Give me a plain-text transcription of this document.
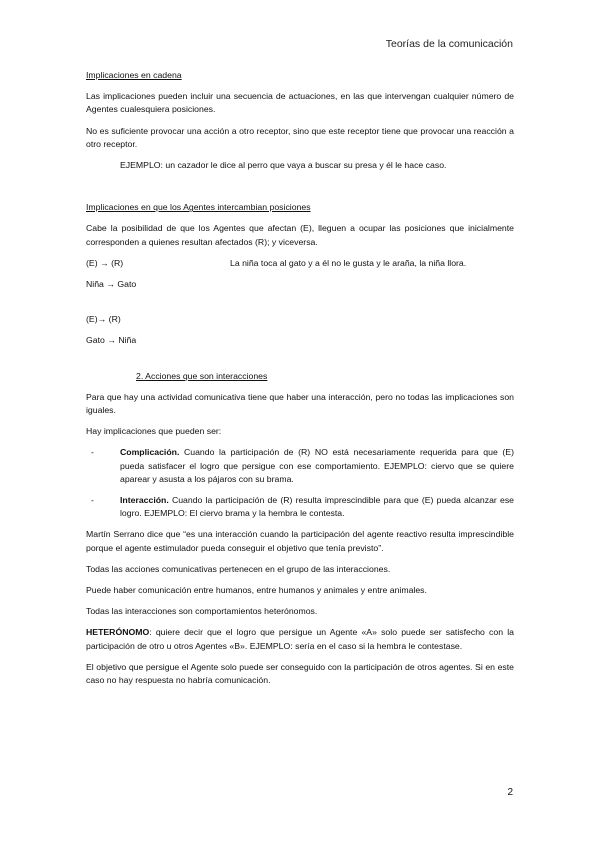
Teorías de la comunicación

Implicaciones en cadena

Las implicaciones pueden incluir una secuencia de actuaciones, en las que intervengan cualquier número de Agentes cualesquiera posiciones.

No es suficiente provocar una acción a otro receptor, sino que este receptor tiene que provocar una reacción a otro receptor.

EJEMPLO: un cazador le dice al perro que vaya a buscar su presa y él le hace caso.

Implicaciones en que los Agentes intercambian posiciones

Cabe la posibilidad de que los Agentes que afectan (E), lleguen a ocupar las posiciones que inicialmente corresponden a quienes resultan afectados (R); y viceversa.

(E) → (R)	La niña toca al gato y a él no le gusta y le araña, la niña llora.

Niña → Gato

(E)→ (R)

Gato → Niña

2. Acciones que son interacciones

Para que hay una actividad comunicativa tiene que haber una interacción, pero no todas las implicaciones son iguales.

Hay implicaciones que pueden ser:

-	Complicación. Cuando la participación de (R) NO está necesariamente requerida para que (E) pueda satisfacer el logro que persigue con ese comportamiento. EJEMPLO: ciervo que se quiere aparear y asusta a los pájaros con su brama.
-	Interacción. Cuando la participación de (R) resulta imprescindible para que (E) pueda alcanzar ese logro. EJEMPLO: El ciervo brama y la hembra le contesta.

Martín Serrano dice que “es una interacción cuando la participación del agente reactivo resulta imprescindible porque el agente estimulador pueda conseguir el objetivo que tenía previsto”.

Todas las acciones comunicativas pertenecen en el grupo de las interacciones.

Puede haber comunicación entre humanos, entre humanos y animales y entre animales.

Todas las interacciones son comportamientos heterónomos.

HETERÓNOMO: quiere decir que el logro que persigue un Agente «A» solo puede ser satisfecho con la participación de otro u otros Agentes «B». EJEMPLO: sería en el caso si la hembra le contestase.

El objetivo que persigue el Agente solo puede ser conseguido con la participación de otros agentes. Si en este caso no hay respuesta no habría comunicación.

2
